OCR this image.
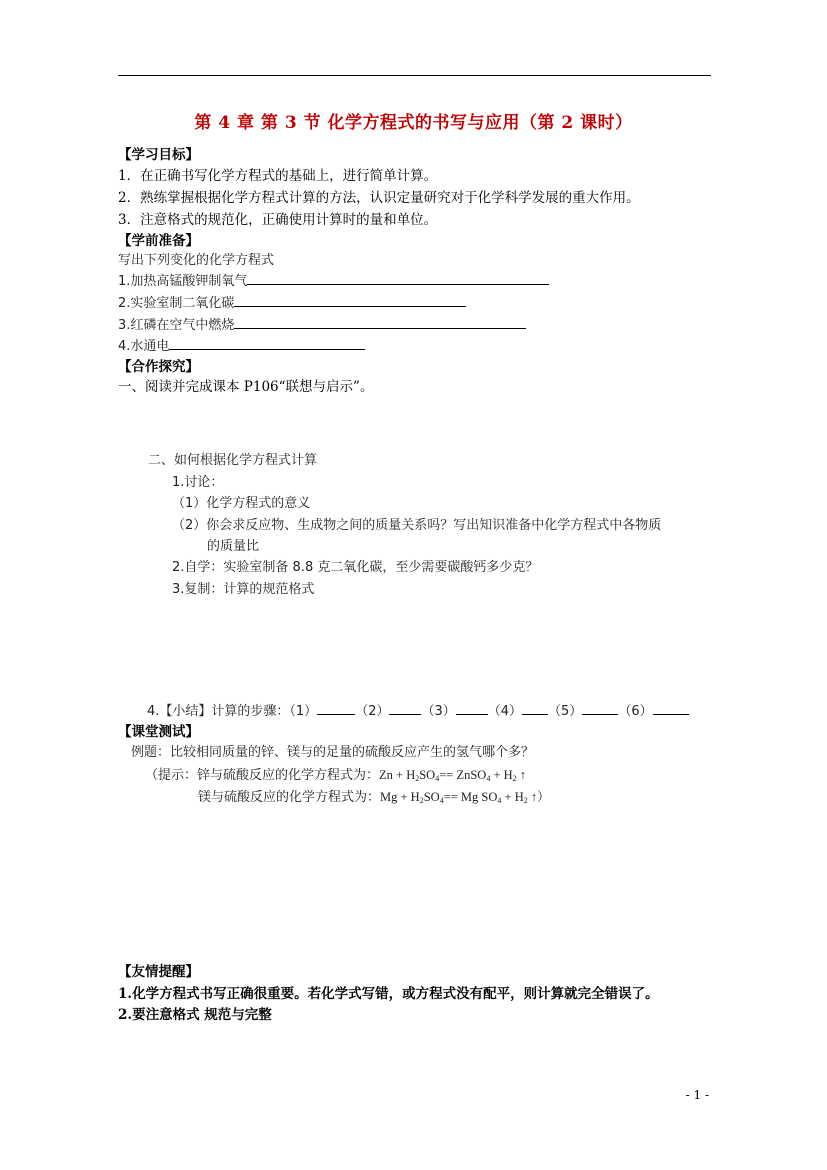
第 4 章 第 3 节 化学方程式的书写与应用（第 2 课时）
【学习目标】
1．在正确书写化学方程式的基础上，进行简单计算。
2．熟练掌握根据化学方程式计算的方法，认识定量研究对于化学科学发展的重大作用。
3．注意格式的规范化，正确使用计算时的量和单位。
【学前准备】
写出下列变化的化学方程式
1.加热高锰酸钾制氧气
2.实验室制二氧化碳
3.红磷在空气中燃烧
4.水通电
【合作探究】
一、阅读并完成课本 P106“联想与启示”。
二、如何根据化学方程式计算
1.讨论：
（1）化学方程式的意义
（2）你会求反应物、生成物之间的质量关系吗？写出知识准备中化学方程式中各物质
的质量比
2.自学：实验室制备 8.8 克二氧化碳，至少需要碳酸钙多少克？
3.复制：计算的规范格式
4.【小结】计算的步骤：（1）	（2） （3） （4） （5）	（6）
【课堂测试】
例题：比较相同质量的锌、镁与的足量的硫酸反应产生的氢气哪个多？
（提示：锌与硫酸反应的化学方程式为：$Zn + H_2SO_4==$ ZnSO$_4$ + $H_2$ ↑
镁与硫酸反应的化学方程式为：$Mg + H_2SO_4== Mg$ $SO_4 + H_2$ ↑）
【友情提醒】
1.化学方程式书写正确很重要。若化学式写错，或方程式没有配平，则计算就完全错误了。
2.要注意格式 规范与完整
- 1 -
